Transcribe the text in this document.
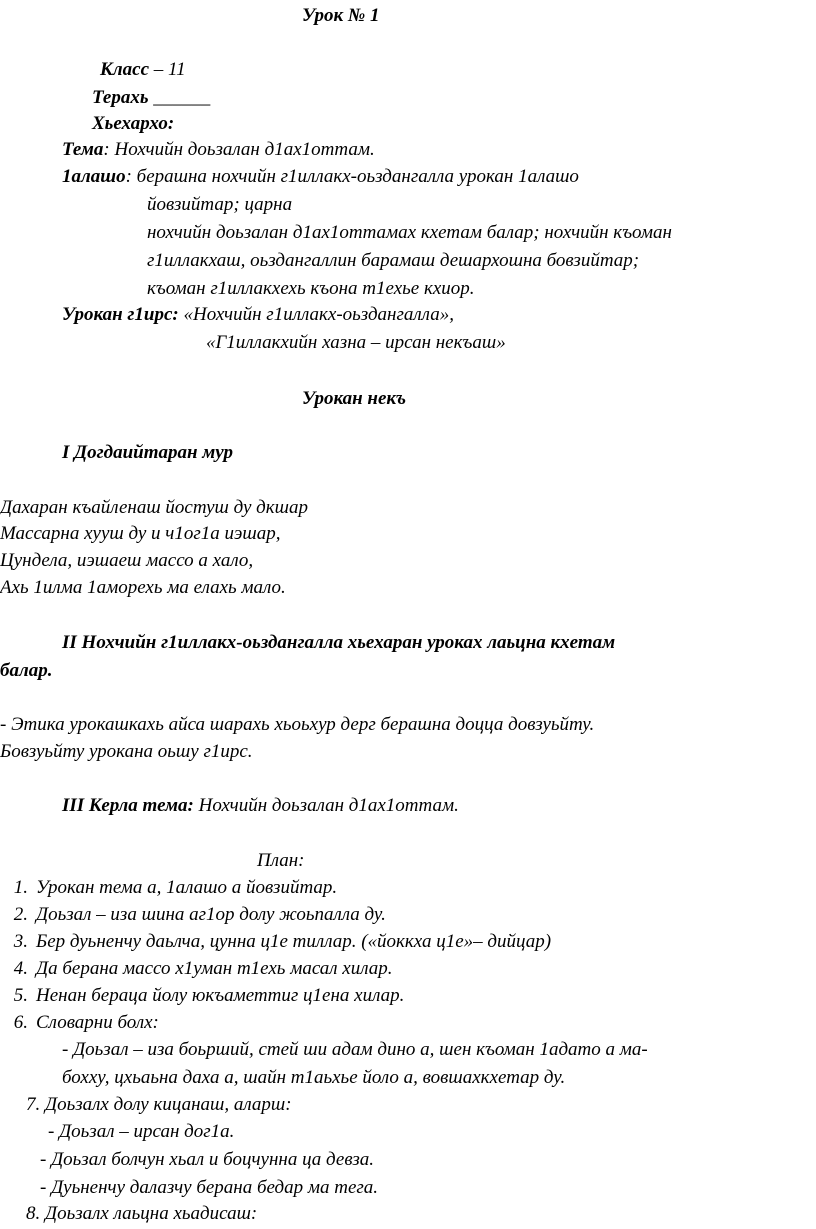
Урок № 1
Класс – 11
Терахь ______
Хьехархо:
Тема: Нохчийн доьзалан д1ах1оттам.
1алашо: берашна нохчийн г1иллакх-оьздангалла урокан 1алашо
йовзийтар; царна
нохчийн доьзалан д1ах1оттамах кхетам балар; нохчийн къоман
г1иллакхаш, оьздангаллин барамаш дешархошна бовзийтар;
къоман г1иллакхехь къона т1ехье кхиор.
Урокан г1ирс: «Нохчийн г1иллакх-оьздангалла»,
«Г1иллакхийн хазна – ирсан некъаш»
Урокан некъ
I Догдаийтаран мур
Дахаран къайленаш йостуш ду дкшар
Массарна хууш ду и ч1ог1а иэшар,
Цундела, иэшаеш массо а хало,
Ахь 1илма 1аморехь ма елахь мало.
II Нохчийн г1иллакх-оьздангалла хьехаран уроках лаьцна кхетам
балар.
- Этика урокашкахь айса шарахь хьоьхур дерг берашна доцца довзуьйту.
Бовзуьйту урокана оьшу г1ирс.
III Керла тема: Нохчийн доьзалан д1ах1оттам.
План:
1. Урокан тема а, 1алашо а йовзийтар.
2. Доьзал – иза шина аг1ор долу жоьпалла ду.
3. Бер дуьненчу даьлча, цунна ц1е тиллар. («йоккха ц1е»– дийцар)
4. Да берана массо х1уман т1ехь масал хилар.
5. Ненан бераца йолу юкъаметтиг ц1ена хилар.
6. Словарни болх:
- Доьзал – иза боьрший, стей ши адам дино а, шен къоман 1адато а ма-
бохху, цхьаьна даха а, шайн т1аьхье йоло а, вовшахкхетар ду.
7. Доьзалх долу кицанаш, аларш:
- Доьзал – ирсан дог1а.
- Доьзал болчун хьал и боцчунна ца девза.
- Дуьненчу далазчу берана бедар ма тега.
8. Доьзалх лаьцна хьадисаш:
